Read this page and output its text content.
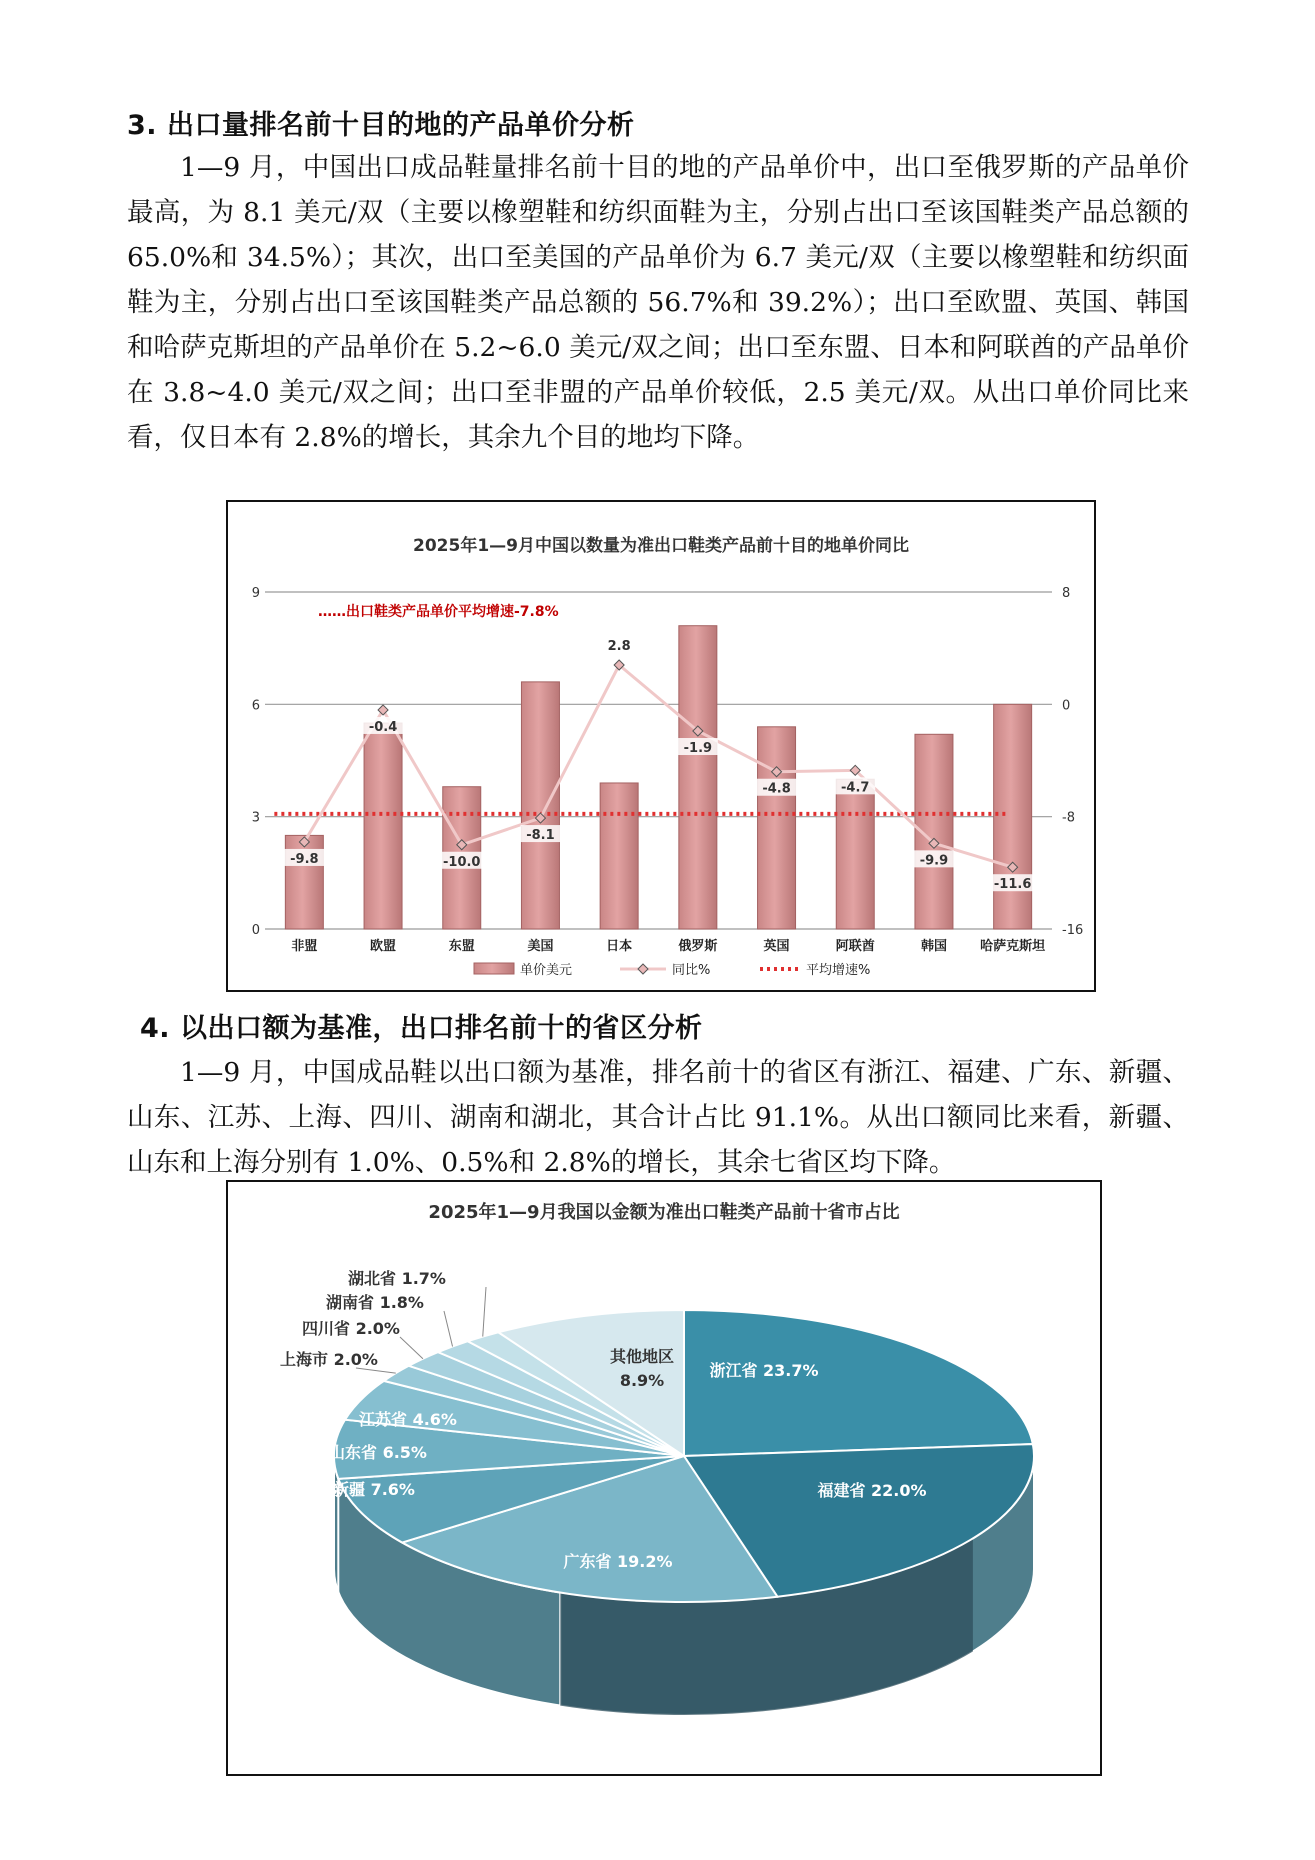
3. 出口量排名前十目的地的产品单价分析
1—9 月，中国出口成品鞋量排名前十目的地的产品单价中，出口至俄罗斯的产品单价最高，为 8.1 美元/双（主要以橡塑鞋和纺织面鞋为主，分别占出口至该国鞋类产品总额的 65.0%和 34.5%）；其次，出口至美国的产品单价为 6.7 美元/双（主要以橡塑鞋和纺织面鞋为主，分别占出口至该国鞋类产品总额的 56.7%和 39.2%）；出口至欧盟、英国、韩国和哈萨克斯坦的产品单价在 5.2~6.0 美元/双之间；出口至东盟、日本和阿联酋的产品单价在 3.8~4.0 美元/双之间；出口至非盟的产品单价较低，2.5 美元/双。从出口单价同比来看，仅日本有 2.8%的增长，其余九个目的地均下降。
2025年1—9月中国以数量为准出口鞋类产品前十目的地单价同比
0
3
6
9
-16
-8
0
8
非盟	欧盟	东盟	美国	日本	俄罗斯	英国	阿联酋	韩国	哈萨克斯坦
-9.8
-0.4
-10.0
-8.1
2.8
-1.9
-4.8	-4.7
-9.9
-11.6
……出口鞋类产品单价平均增速-7.8%
单价美元	同比%	平均增速%
4. 以出口额为基准，出口排名前十的省区分析
1—9 月，中国成品鞋以出口额为基准，排名前十的省区有浙江、福建、广东、新疆、山东、江苏、上海、四川、湖南和湖北，其合计占比 91.1%。从出口额同比来看，新疆、山东和上海分别有 1.0%、0.5%和 2.8%的增长，其余七省区均下降。
2025年1—9月我国以金额为准出口鞋类产品前十省市占比
浙江省 23.7%
福建省 22.0%
广东省 19.2%
新疆 7.6%
山东省 6.5%
江苏省 4.6%
其他地区
8.9%
上海市 2.0%
四川省 2.0%
湖南省 1.8%
湖北省 1.7%
